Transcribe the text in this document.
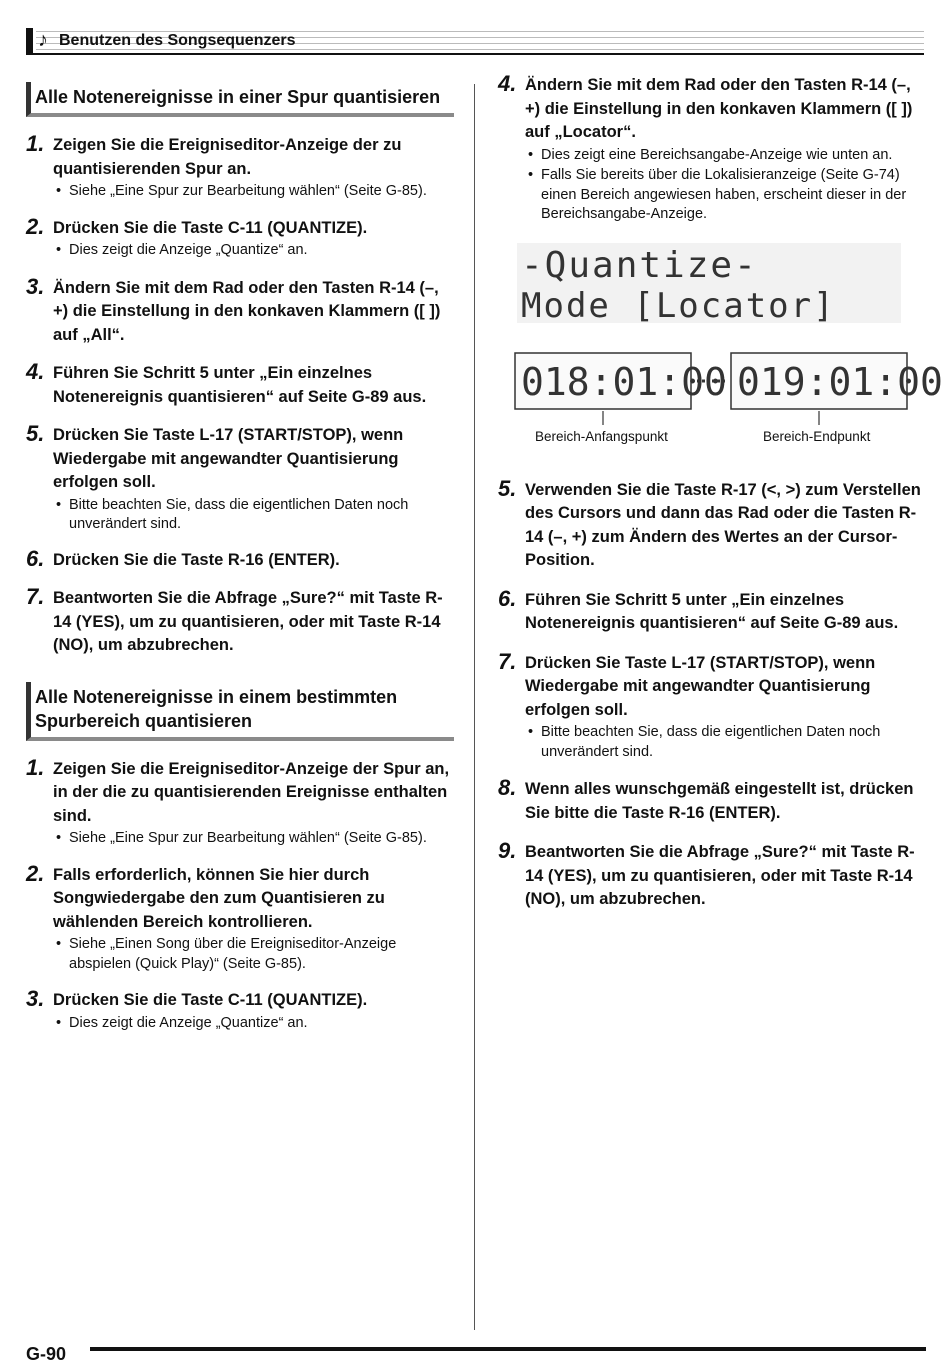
♪ Benutzen des Songsequenzers
Alle Notenereignisse in einer Spur quantisieren
1. Zeigen Sie die Ereigniseditor-Anzeige der zu quantisierenden Spur an.
• Siehe „Eine Spur zur Bearbeitung wählen“ (Seite G-85).
2. Drücken Sie die Taste C-11 (QUANTIZE).
• Dies zeigt die Anzeige „Quantize“ an.
3. Ändern Sie mit dem Rad oder den Tasten R-14 (–, +) die Einstellung in den konkaven Klammern ([ ]) auf „All“.
4. Führen Sie Schritt 5 unter „Ein einzelnes Notenereignis quantisieren“ auf Seite G-89 aus.
5. Drücken Sie Taste L-17 (START/STOP), wenn Wiedergabe mit angewandter Quantisierung erfolgen soll.
• Bitte beachten Sie, dass die eigentlichen Daten noch unverändert sind.
6. Drücken Sie die Taste R-16 (ENTER).
7. Beantworten Sie die Abfrage „Sure?“ mit Taste R-14 (YES), um zu quantisieren, oder mit Taste R-14 (NO), um abzubrechen.
Alle Notenereignisse in einem bestimmten Spurbereich quantisieren
1. Zeigen Sie die Ereigniseditor-Anzeige der Spur an, in der die zu quantisierenden Ereignisse enthalten sind.
• Siehe „Eine Spur zur Bearbeitung wählen“ (Seite G-85).
2. Falls erforderlich, können Sie hier durch Songwiedergabe den zum Quantisieren zu wählenden Bereich kontrollieren.
• Siehe „Einen Song über die Ereigniseditor-Anzeige abspielen (Quick Play)“ (Seite G-85).
3. Drücken Sie die Taste C-11 (QUANTIZE).
• Dies zeigt die Anzeige „Quantize“ an.
4. Ändern Sie mit dem Rad oder den Tasten R-14 (–, +) die Einstellung in den konkaven Klammern ([ ]) auf „Locator“.
• Dies zeigt eine Bereichsangabe-Anzeige wie unten an.
• Falls Sie bereits über die Lokalisieranzeige (Seite G-74) einen Bereich angewiesen haben, erscheint dieser in der Bereichsangabe-Anzeige.
-Quantize-
Mode [Locator]
018:01:00 019:01:00
Bereich-Anfangspunkt	Bereich-Endpunkt
5. Verwenden Sie die Taste R-17 (<, >) zum Verstellen des Cursors und dann das Rad oder die Tasten R-14 (–, +) zum Ändern des Wertes an der Cursor-Position.
6. Führen Sie Schritt 5 unter „Ein einzelnes Notenereignis quantisieren“ auf Seite G-89 aus.
7. Drücken Sie Taste L-17 (START/STOP), wenn Wiedergabe mit angewandter Quantisierung erfolgen soll.
• Bitte beachten Sie, dass die eigentlichen Daten noch unverändert sind.
8. Wenn alles wunschgemäß eingestellt ist, drücken Sie bitte die Taste R-16 (ENTER).
9. Beantworten Sie die Abfrage „Sure?“ mit Taste R-14 (YES), um zu quantisieren, oder mit Taste R-14 (NO), um abzubrechen.
G-90
